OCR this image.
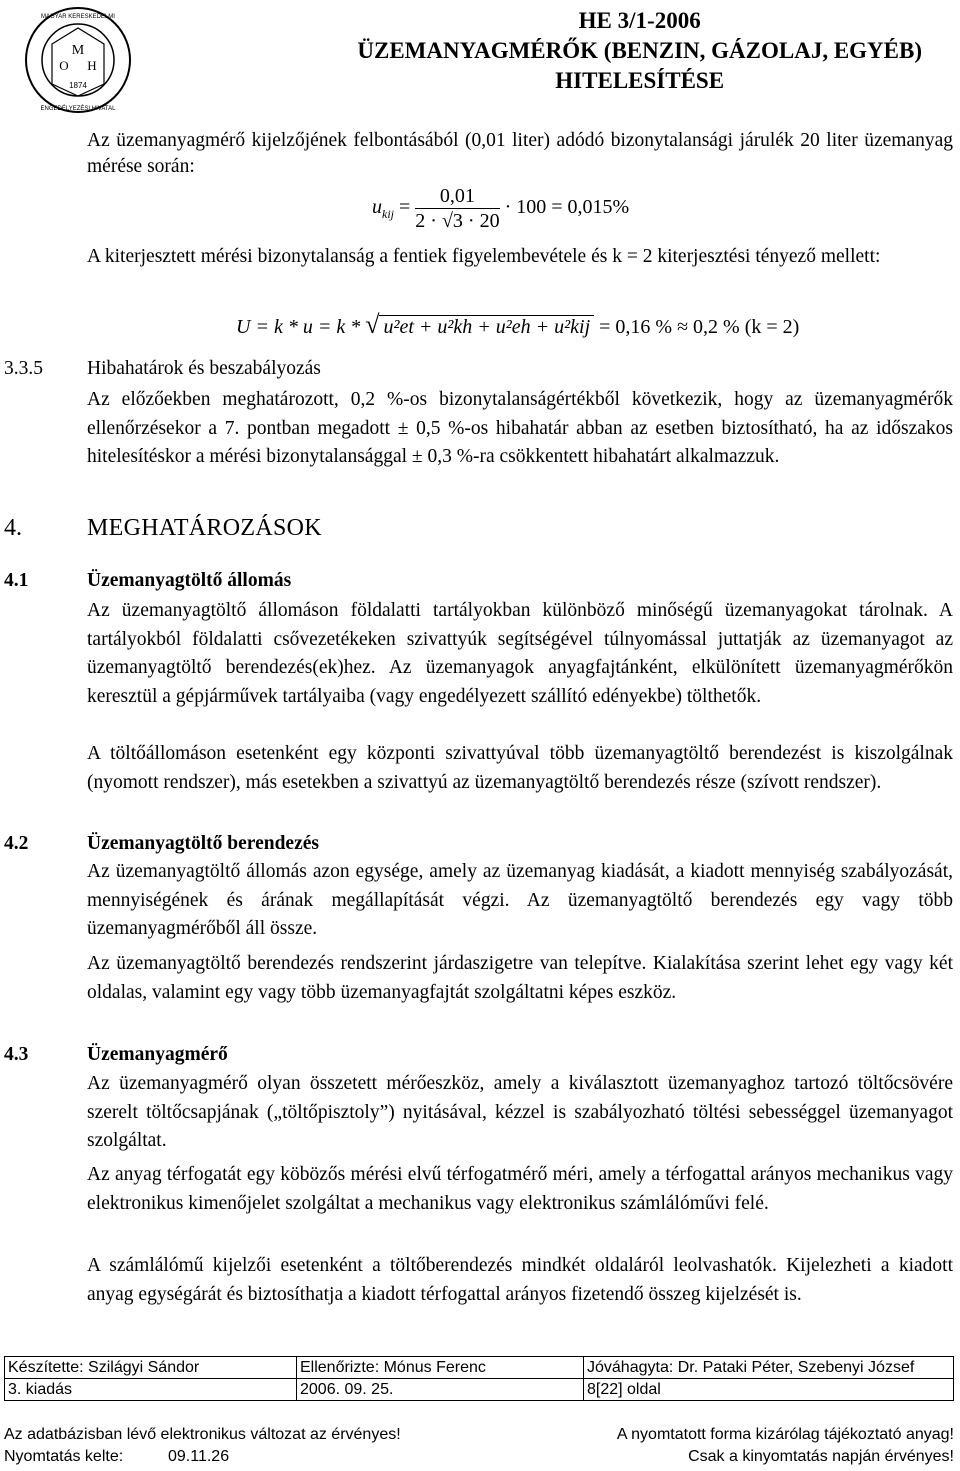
M
O H
1874
MAGYAR KERESKEDELMI
ENGEDÉLYEZÉSI HIVATAL
HE 3/1-2006
ÜZEMANYAGMÉRŐK (BENZIN, GÁZOLAJ, EGYÉB)
HITELESÍTÉSE
Az üzemanyagmérő kijelzőjének felbontásából (0,01 liter) adódó bizonytalansági járulék 20 liter üzemanyag mérése során:
$u_{kij} = \frac{0,01}{2 \cdot √3 \cdot 20} \cdot 100 = 0,015\%$
A kiterjesztett mérési bizonytalanság a fentiek figyelembevétele és k = 2 kiterjesztési tényező mellett:
U = k * u = k * √ u²et + u²kh + u²eh + u²kij = 0,16 % ≈ 0,2 % (k = 2)
3.3.5 Hibahatárok és beszabályozás
Az előzőekben meghatározott, 0,2 %-os bizonytalanságértékből következik, hogy az üzemanyagmérők ellenőrzésekor a 7. pontban megadott ± 0,5 %-os hibahatár abban az esetben biztosítható, ha az időszakos hitelesítéskor a mérési bizonytalansággal ± 0,3 %-ra csökkentett hibahatárt alkalmazzuk.
4.	MEGHATÁROZÁSOK
4.1	Üzemanyagtöltő állomás
Az üzemanyagtöltő állomáson földalatti tartályokban különböző minőségű üzemanyagokat tárolnak. A tartályokból földalatti csővezetékeken szivattyúk segítségével túlnyomással juttatják az üzemanyagot az üzemanyagtöltő berendezés(ek)hez. Az üzemanyagok anyagfajtánként, elkülönített üzemanyagmérőkön keresztül a gépjárművek tartályaiba (vagy engedélyezett szállító edényekbe) tölthetők.
A töltőállomáson esetenként egy központi szivattyúval több üzemanyagtöltő berendezést is kiszolgálnak (nyomott rendszer), más esetekben a szivattyú az üzemanyagtöltő berendezés része (szívott rendszer).
4.2	Üzemanyagtöltő berendezés
Az üzemanyagtöltő állomás azon egysége, amely az üzemanyag kiadását, a kiadott mennyiség szabályozását, mennyiségének és árának megállapítását végzi. Az üzemanyagtöltő berendezés egy vagy több üzemanyagmérőből áll össze.
Az üzemanyagtöltő berendezés rendszerint járdaszigetre van telepítve. Kialakítása szerint lehet egy vagy két oldalas, valamint egy vagy több üzemanyagfajtát szolgáltatni képes eszköz.
4.3	Üzemanyagmérő
Az üzemanyagmérő olyan összetett mérőeszköz, amely a kiválasztott üzemanyaghoz tartozó töltőcsövére szerelt töltőcsapjának („töltőpisztoly”) nyitásával, kézzel is szabályozható töltési sebességgel üzemanyagot szolgáltat.
Az anyag térfogatát egy köbözős mérési elvű térfogatmérő méri, amely a térfogattal arányos mechanikus vagy elektronikus kimenőjelet szolgáltat a mechanikus vagy elektronikus számlálóművi felé.
A számlálómű kijelzői esetenként a töltőberendezés mindkét oldaláról leolvashatók. Kijelezheti a kiadott anyag egységárát és biztosíthatja a kiadott térfogattal arányos fizetendő összeg kijelzését is.
Készítette: Szilágyi Sándor	Ellenőrizte: Mónus Ferenc	Jóváhagyta: Dr. Pataki Péter, Szebenyi József
3. kiadás	2006. 09. 25.	8[22] oldal
Az adatbázisban lévő elektronikus változat az érvényes!	A nyomtatott forma kizárólag tájékoztató anyag!
Nyomtatás kelte:	09.11.26	Csak a kinyomtatás napján érvényes!
